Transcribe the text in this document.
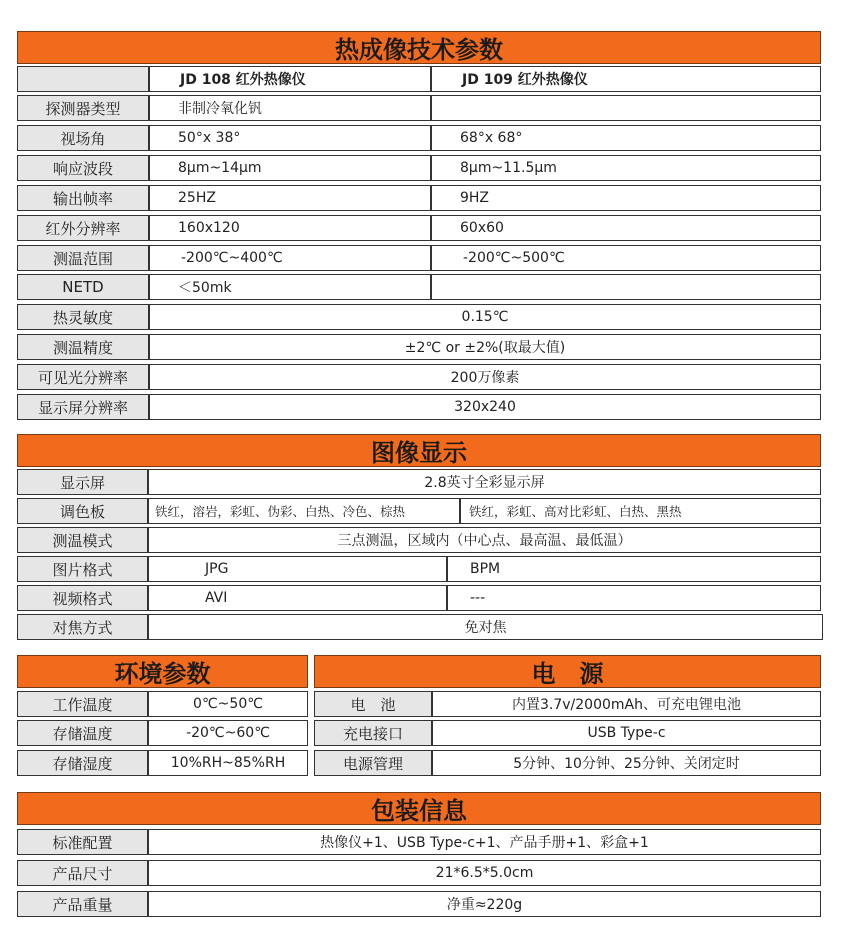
热成像技术参数
JD 108 红外热像仪	JD 109 红外热像仪
探测器类型	非制冷氧化钒
视场角	50°x 38°	68°x 68°
响应波段	8μm~14μm	8μm~11.5μm
输出帧率	25HZ	9HZ
红外分辨率	160x120	60x60
测温范围	-200℃~400℃	-200℃~500℃
NETD	＜50mk
热灵敏度	0.15℃
测温精度	±2℃ or ±2%(取最大值)
可见光分辨率	200万像素
显示屏分辨率	320x240
图像显示
显示屏	2.8英寸全彩显示屏
调色板	铁红，溶岩，彩虹、伪彩、白热、冷色、棕热	铁红，彩虹、高对比彩虹、白热、黑热
测温模式	三点测温，区域内（中心点、最高温、最低温）
图片格式	JPG	BPM
视频格式	AVI	---
对焦方式	免对焦
环境参数	电　源
工作温度	0℃~50℃
存储温度	-20℃~60℃
存储湿度	10%RH~85%RH
电　池	内置3.7v/2000mAh、可充电锂电池
充电接口	USB Type-c
电源管理	5分钟、10分钟、25分钟、关闭定时
包装信息
标准配置	热像仪+1、USB Type-c+1、产品手册+1、彩盒+1
产品尺寸	21*6.5*5.0cm
产品重量	净重≈220g
